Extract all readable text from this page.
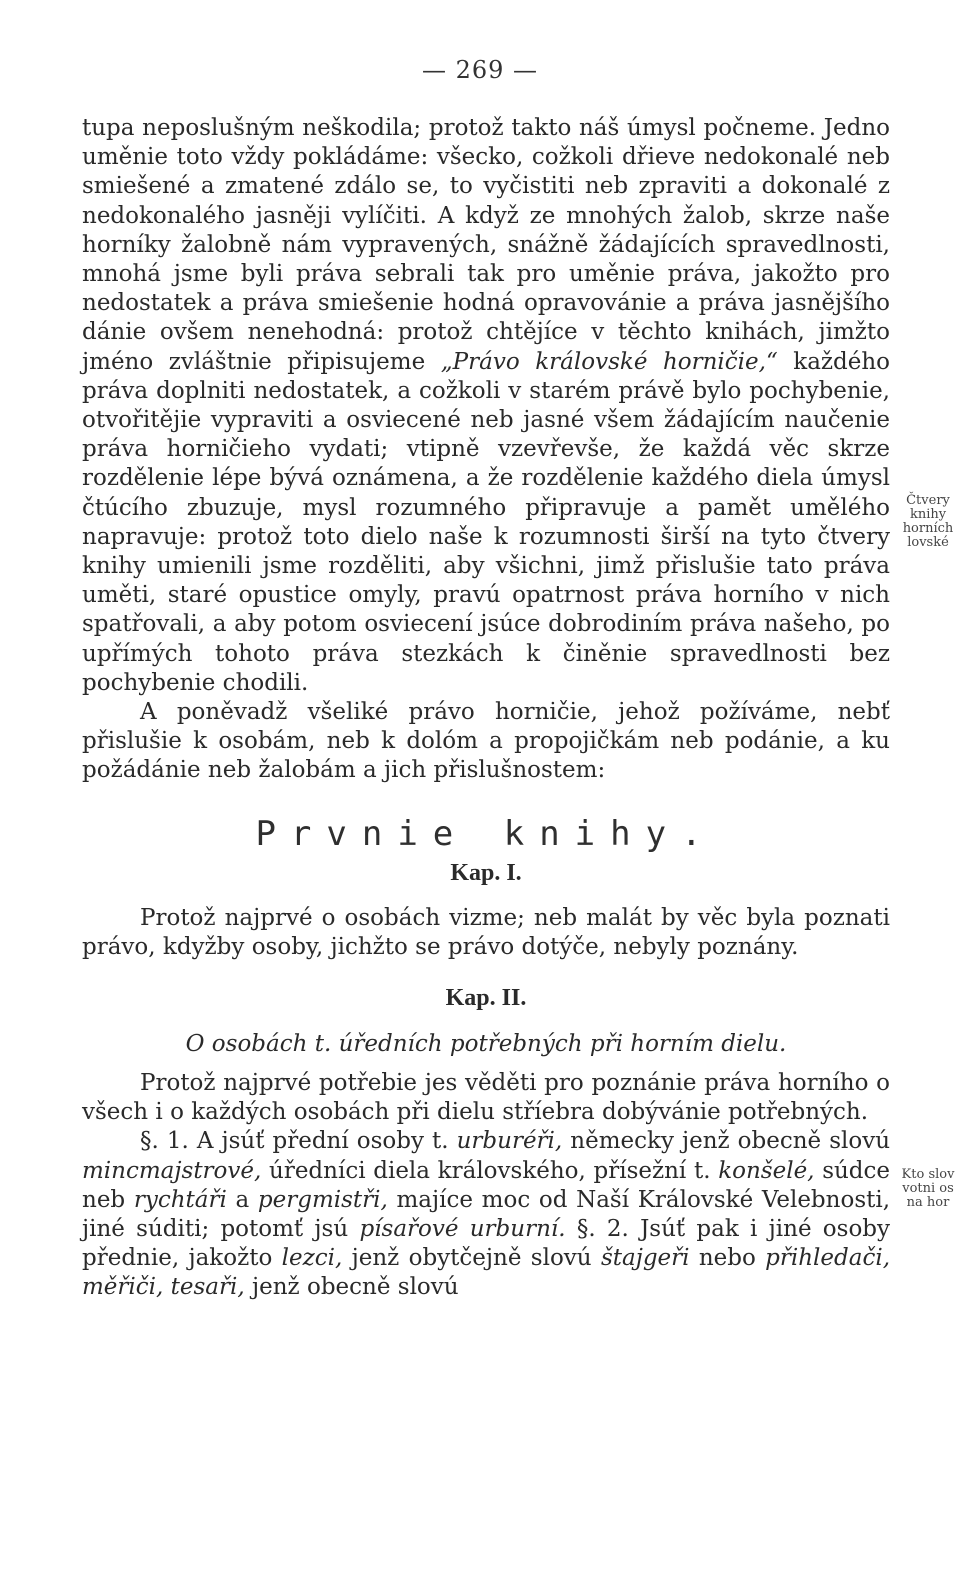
— 269 —

tupa neposlušným neškodila; protož takto náš úmysl počneme. Jedno uměnie toto vždy pokládáme: všecko, cožkoli dřieve nedokonalé neb smiešené a zmatené zdálo se, to vyčistiti neb zpraviti a dokonalé z nedokonalého jasněji vylíčiti. A když ze mnohých žalob, skrze naše horníky žalobně nám vypravených, snážně žádajících spravedlnosti, mnohá jsme byli práva sebrali tak pro uměnie práva, jakožto pro nedostatek a práva smiešenie hodná opravovánie a práva jasnějšího dánie ovšem nenehodná: protož chtějíce v těchto knihách, jimžto jméno zvláštnie připisujeme „Právo královské horničie,“ každého práva doplniti nedostatek, a cožkoli v starém právě bylo pochybenie, otvořitějie vypraviti a osviecené neb jasné všem žádajícím naučenie práva horničieho vydati; vtipně vzevřevše, že každá věc skrze rozdělenie lépe bývá oznámena, a že rozdělenie každého diela úmysl čtúcího zbuzuje, mysl rozumného připravuje a pamět umělého napravuje: protož toto dielo naše k rozumnosti širší na tyto čtvery knihy umienili jsme rozděliti, aby všichni, jimž přislušie tato práva uměti, staré opustice omyly, pravú opatrnost práva horního v nich spatřovali, a aby potom osviecení jsúce dobrodiním práva našeho, po upřímých tohoto práva stezkách k činěnie spravedlnosti bez pochybenie chodili.

A poněvadž všeliké právo horničie, jehož požíváme, nebť přislušie k osobám, neb k dolóm a propojičkám neb podánie, a ku požádánie neb žalobám a jich přislušnostem:

Prvnie knihy.
Kap. I.

Protož najprvé o osobách vizme; neb malát by věc byla poznati právo, kdyžby osoby, jichžto se právo dotýče, nebyly poznány.

Kap. II.
O osobách t. úředních potřebných při horním dielu.

Protož najprvé potřebie jes věděti pro poznánie práva horního o všech i o každých osobách při dielu stříebra dobývánie potřebných.

§. 1. A jsúť přední osoby t. urburéři, německy jenž obecně slovú mincmajstrové, úředníci diela královského, přísežní t. konšelé, súdce neb rychtáři a pergmistři, majíce moc od Naší Královské Velebnosti, jiné súditi; potomť jsú písařové urburní. §. 2. Jsúť pak i jiné osoby přednie, jakožto lezci, jenž obytčejně slovú štajgeři nebo přihledači, měřiči, tesaři, jenž obecně slovú

Čtvery knihy horních lovské
Kto slov votni os na hor
